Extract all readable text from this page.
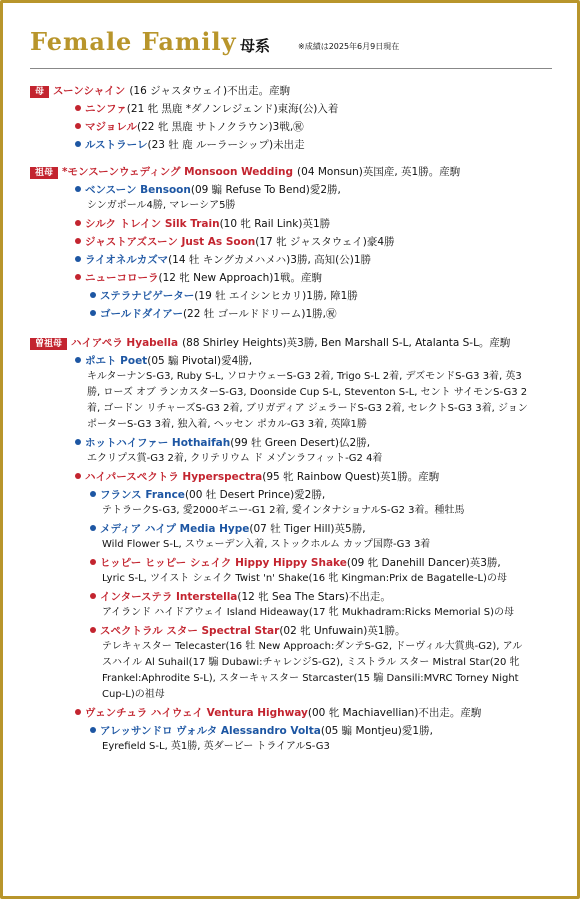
Female Family 母系	※成績は2025年6月9日現在
母 スーンシャイン (16 ジャスタウェイ)不出走。産駒
ニンファ(21 牝 黒鹿 *ダノンレジェンド)東海(公)入着
マジョレル(22 牝 黒鹿 サトノクラウン)3戦,㊗
ルストラーレ(23 牡 鹿 ルーラーシップ)未出走
祖母 *モンスーンウェディング Monsoon Wedding (04 Monsun)英国産, 英1勝。産駒
ベンスーン Bensoon(09 騸 Refuse To Bend)愛2勝,
シンガポール4勝, マレーシア5勝
シルク トレイン Silk Train(10 牝 Rail Link)英1勝
ジャストアズスーン Just As Soon(17 牝 ジャスタウェイ)豪4勝
ライオネルカズマ(14 牡 キングカメハメハ)3勝, 高知(公)1勝
ニューコローラ(12 牝 New Approach)1戦。産駒
ステラナビゲーター(19 牡 エイシンヒカリ)1勝, 障1勝
ゴールドダイアー(22 牡 ゴールドドリーム)1勝,㊗
曽祖母 ハイアペラ Hyabella (88 Shirley Heights)英3勝, Ben Marshall S-L, Atalanta S-L。産駒
ポエト Poet(05 騸 Pivotal)愛4勝,
キルターナンS-G3, Ruby S-L, ソロナウェーS-G3 2着, Trigo S-L 2着, デズモンドS-G3 3着, 英3勝, ローズ オブ ランカスターS-G3, Doonside Cup S-L, Steventon S-L, セント サイモンS-G3 2着, ゴードン リチャーズS-G3 2着, ブリガディア ジェラードS-G3 2着, セレクトS-G3 3着, ジョン ポーターS-G3 3着, 独入着, ヘッセン ポカル-G3 3着, 英障1勝
ホットハイファー Hothaifah(99 牡 Green Desert)仏2勝,
エクリプス賞-G3 2着, クリテリウム ド メゾンラフィット-G2 4着
ハイパースペクトラ Hyperspectra(95 牝 Rainbow Quest)英1勝。産駒
フランス France(00 牡 Desert Prince)愛2勝,
テトラークS-G3, 愛2000ギニー-G1 2着, 愛インタナショナルS-G2 3着。種牡馬
メディア ハイプ Media Hype(07 牡 Tiger Hill)英5勝,
Wild Flower S-L, スウェーデン入着, ストックホルム カップ国際-G3 3着
ヒッピー ヒッピー シェイク Hippy Hippy Shake(09 牝 Danehill Dancer)英3勝,
Lyric S-L, ツイスト シェイク Twist 'n' Shake(16 牝 Kingman:Prix de Bagatelle-L)の母
インターステラ Interstella(12 牝 Sea The Stars)不出走。
アイランド ハイドアウェイ Island Hideaway(17 牝 Mukhadram:Ricks Memorial S)の母
スペクトラル スター Spectral Star(02 牝 Unfuwain)英1勝。
テレキャスター Telecaster(16 牡 New Approach:ダンテS-G2, ドーヴィル大賞典-G2), アル スハイル Al Suhail(17 騸 Dubawi:チャレンジS-G2), ミストラル スター Mistral Star(20 牝 Frankel:Aphrodite S-L), スターキャスター Starcaster(15 騸 Dansili:MVRC Torney Night Cup-L)の祖母
ヴェンチュラ ハイウェイ Ventura Highway(00 牝 Machiavellian)不出走。産駒
アレッサンドロ ヴォルタ Alessandro Volta(05 騸 Montjeu)愛1勝,
Eyrefield S-L, 英1勝, 英ダービー トライアルS-G3
